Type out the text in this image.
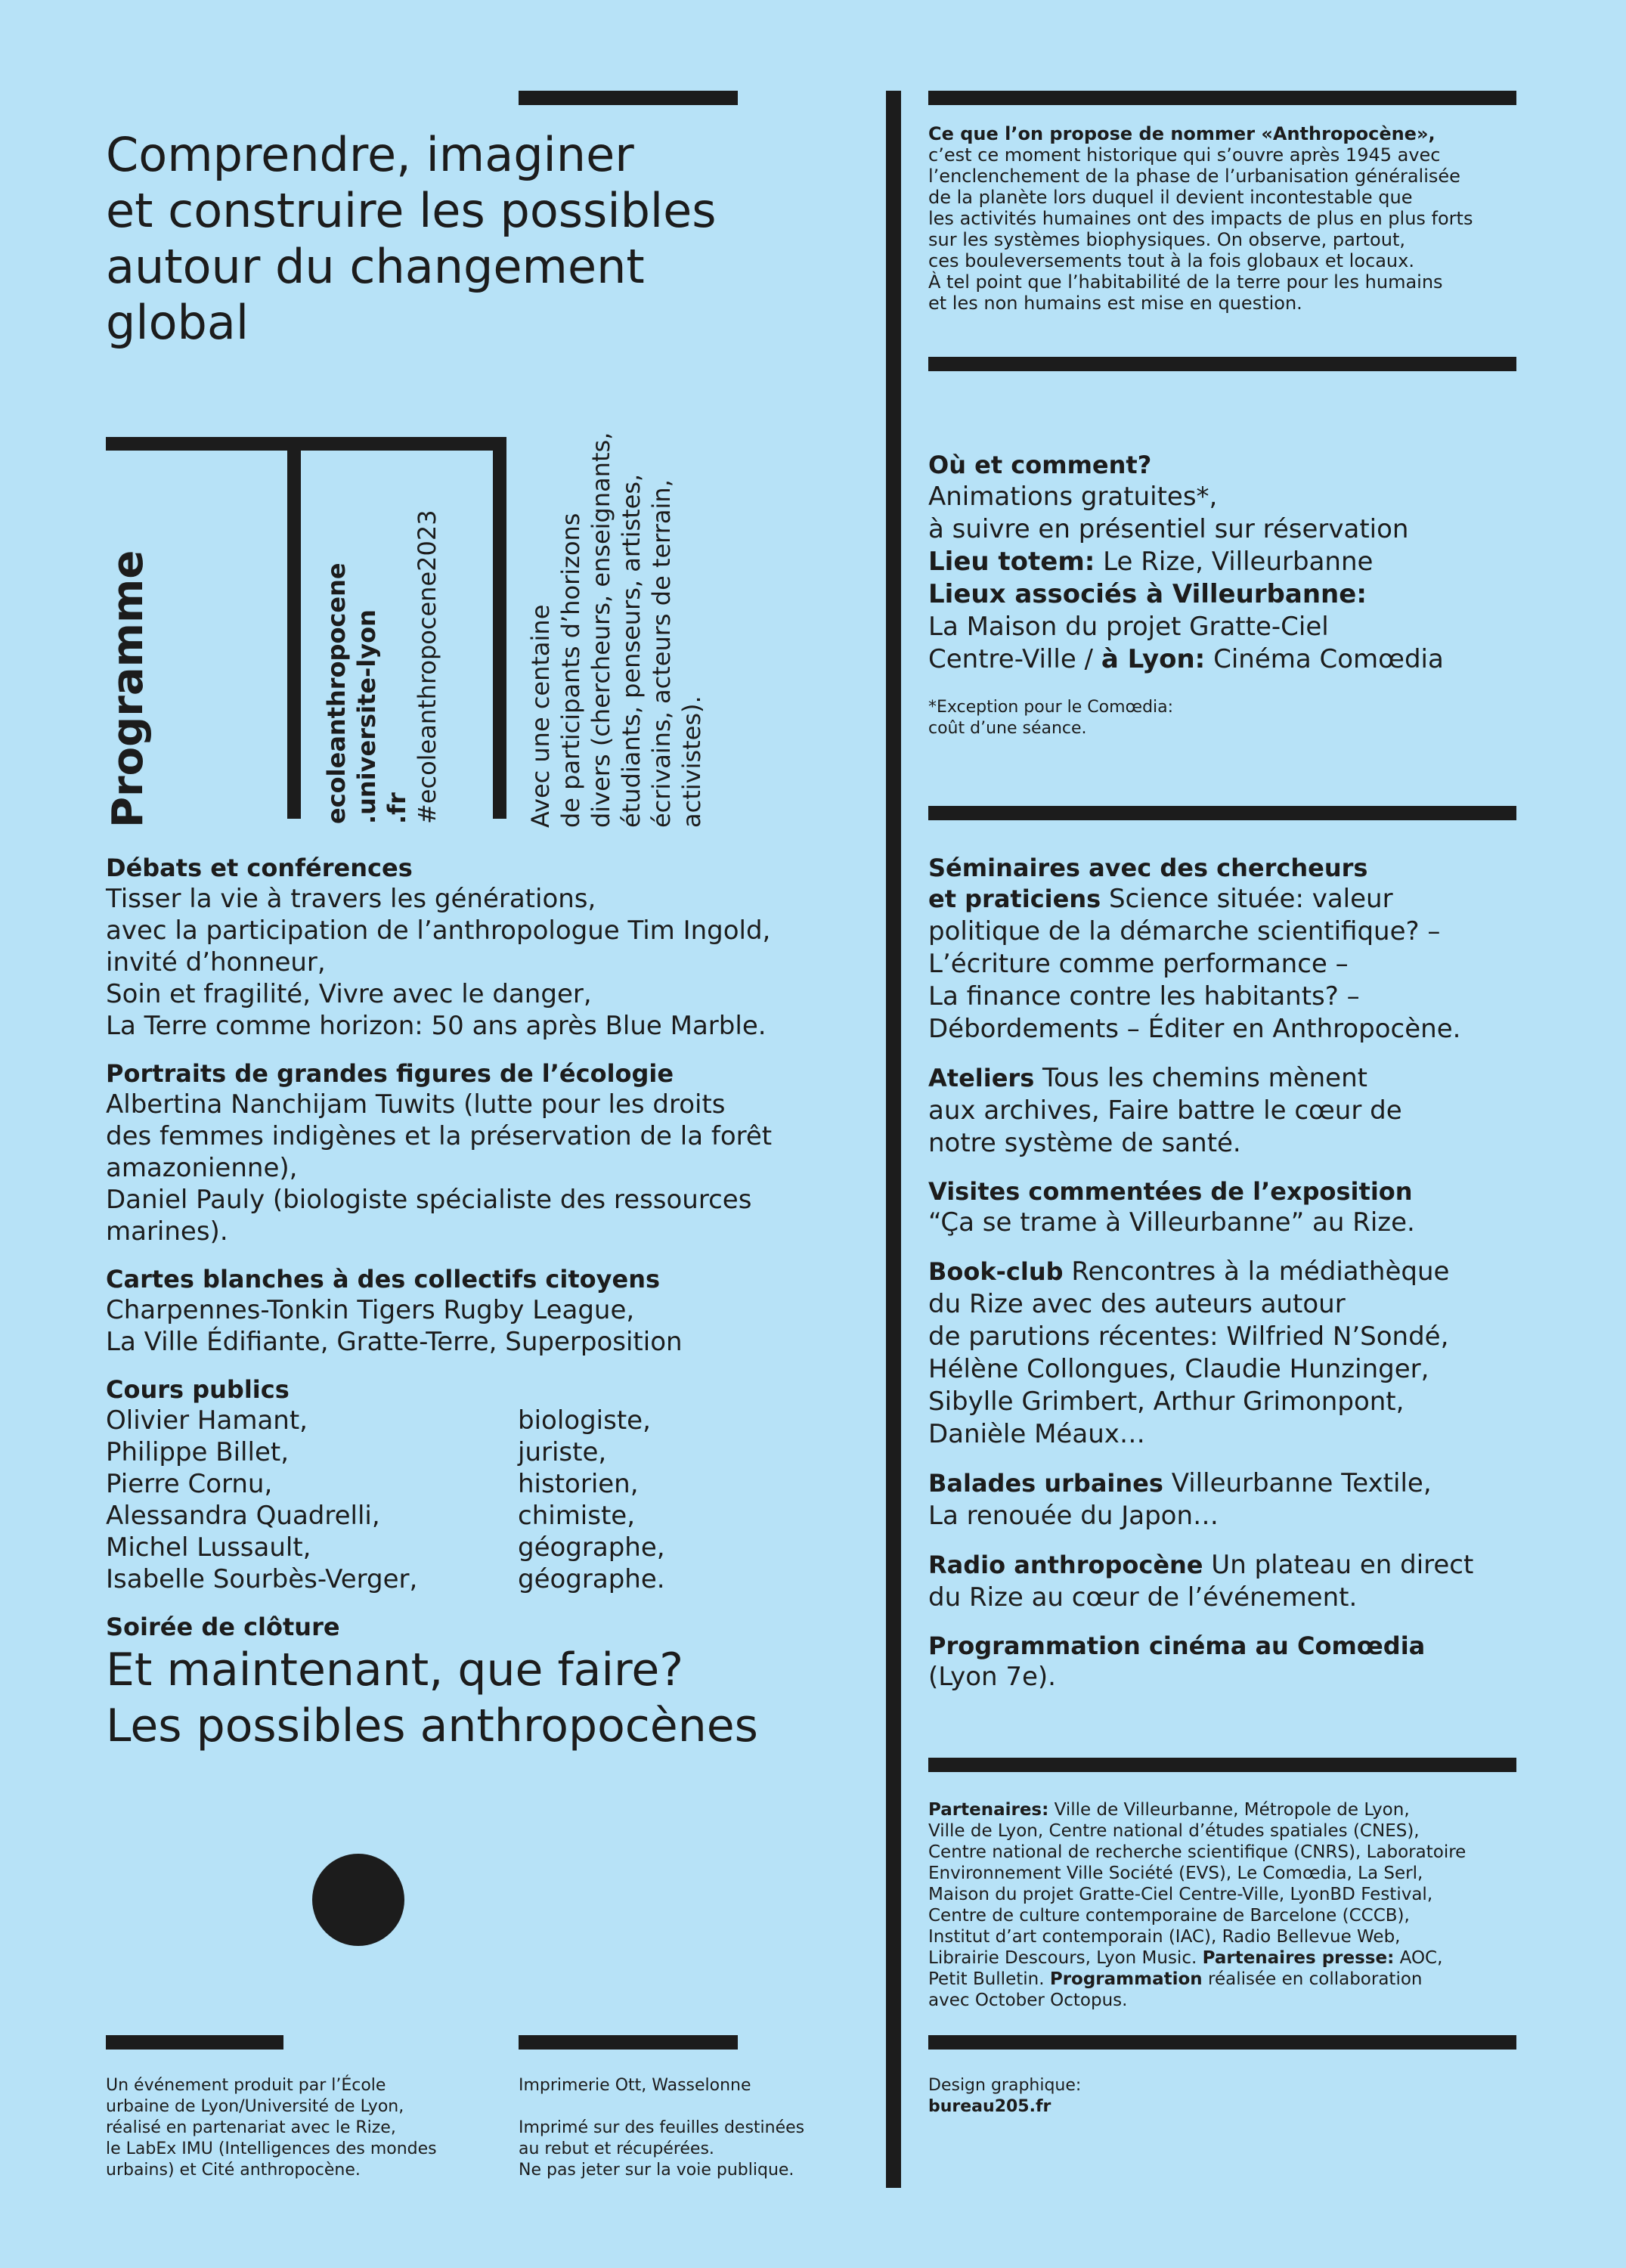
Comprendre, imaginer
et construire les possibles
autour du changement
global
Programme	ecoleanthropocene .universite-lyon .fr #ecoleanthropocene2023	Avec une centaine de participants d’horizons divers (chercheurs, enseignants, étudiants, penseurs, artistes, écrivains, acteurs de terrain, activistes).
Ce que l’on propose de nommer «Anthropocène»,
c’est ce moment historique qui s’ouvre après 1945 avec
l’enclenchement de la phase de l’urbanisation généralisée
de la planète lors duquel il devient incontestable que
les activités humaines ont des impacts de plus en plus forts
sur les systèmes biophysiques. On observe, partout,
ces bouleversements tout à la fois globaux et locaux.
À tel point que l’habitabilité de la terre pour les humains
et les non humains est mise en question.
Où et comment?
Animations gratuites*,
à suivre en présentiel sur réservation
Lieu totem: Le Rize, Villeurbanne
Lieux associés à Villeurbanne:
La Maison du projet Gratte-Ciel
Centre-Ville / à Lyon: Cinéma Comœdia
*Exception pour le Comœdia:
coût d’une séance.
Débats et conférences
Tisser la vie à travers les générations,
avec la participation de l’anthropologue Tim Ingold,
invité d’honneur,
Soin et fragilité, Vivre avec le danger,
La Terre comme horizon: 50 ans après Blue Marble.
Portraits de grandes figures de l’écologie
Albertina Nanchijam Tuwits (lutte pour les droits
des femmes indigènes et la préservation de la forêt
amazonienne),
Daniel Pauly (biologiste spécialiste des ressources
marines).
Cartes blanches à des collectifs citoyens
Charpennes-Tonkin Tigers Rugby League,
La Ville Édifiante, Gratte-Terre, Superposition
Cours publics
Olivier Hamant,	biologiste,
Philippe Billet,	juriste,
Pierre Cornu,	historien,
Alessandra Quadrelli,	chimiste,
Michel Lussault,	géographe,
Isabelle Sourbès-Verger,	géographe.
Soirée de clôture
Et maintenant, que faire?
Les possibles anthropocènes
Séminaires avec des chercheurs
et praticiens Science située: valeur
politique de la démarche scientifique? –
L’écriture comme performance –
La finance contre les habitants? –
Débordements – Éditer en Anthropocène.
Ateliers Tous les chemins mènent
aux archives, Faire battre le cœur de
notre système de santé.
Visites commentées de l’exposition
“Ça se trame à Villeurbanne” au Rize.
Book-club Rencontres à la médiathèque
du Rize avec des auteurs autour
de parutions récentes: Wilfried N’Sondé,
Hélène Collongues, Claudie Hunzinger,
Sibylle Grimbert, Arthur Grimonpont,
Danièle Méaux…
Balades urbaines Villeurbanne Textile,
La renouée du Japon…
Radio anthropocène Un plateau en direct
du Rize au cœur de l’événement.
Programmation cinéma au Comœdia
(Lyon 7e).
Partenaires: Ville de Villeurbanne, Métropole de Lyon,
Ville de Lyon, Centre national d’études spatiales (CNES),
Centre national de recherche scientifique (CNRS), Laboratoire
Environnement Ville Société (EVS), Le Comœdia, La Serl,
Maison du projet Gratte-Ciel Centre-Ville, LyonBD Festival,
Centre de culture contemporaine de Barcelone (CCCB),
Institut d’art contemporain (IAC), Radio Bellevue Web,
Librairie Descours, Lyon Music. Partenaires presse: AOC,
Petit Bulletin. Programmation réalisée en collaboration
avec October Octopus.
Un événement produit par l’École
urbaine de Lyon/Université de Lyon,
réalisé en partenariat avec le Rize,
le LabEx IMU (Intelligences des mondes
urbains) et Cité anthropocène.
Imprimerie Ott, Wasselonne
Imprimé sur des feuilles destinées
au rebut et récupérées.
Ne pas jeter sur la voie publique.
Design graphique:
bureau205.fr
